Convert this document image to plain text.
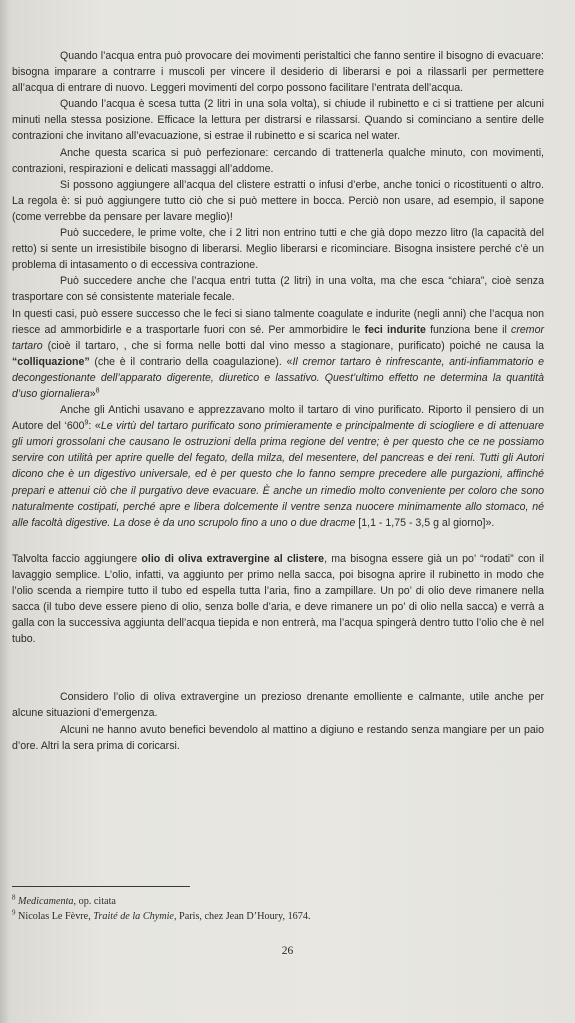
Quando l’acqua entra può provocare dei movimenti peristaltici che fanno sentire il bisogno di evacuare: bisogna imparare a contrarre i muscoli per vincere il desiderio di liberarsi e poi a rilassarli per permettere all’acqua di entrare di nuovo. Leggeri movimenti del corpo possono facilitare l’entrata dell’acqua.

Quando l’acqua è scesa tutta (2 litri in una sola volta), si chiude il rubinetto e ci si trattiene per alcuni minuti nella stessa posizione. Efficace la lettura per distrarsi e rilassarsi. Quando si cominciano a sentire delle contrazioni che invitano all’evacuazione, si estrae il rubinetto e si scarica nel water.

Anche questa scarica si può perfezionare: cercando di trattenerla qualche minuto, con movimenti, contrazioni, respirazioni e delicati massaggi all’addome.

Si possono aggiungere all’acqua del clistere estratti o infusi d’erbe, anche tonici o ricostituenti o altro. La regola è: si può aggiungere tutto ciò che si può mettere in bocca. Perciò non usare, ad esempio, il sapone (come verrebbe da pensare per lavare meglio)!

Può succedere, le prime volte, che i 2 litri non entrino tutti e che già dopo mezzo litro (la capacità del retto) si sente un irresistibile bisogno di liberarsi. Meglio liberarsi e ricominciare. Bisogna insistere perché c’è un problema di intasamento o di eccessiva contrazione.

Può succedere anche che l’acqua entri tutta (2 litri) in una volta, ma che esca “chiara”, cioè senza trasportare con sé consistente materiale fecale.

In questi casi, può essere successo che le feci si siano talmente coagulate e indurite (negli anni) che l’acqua non riesce ad ammorbidirle e a trasportarle fuori con sé. Per ammorbidire le feci indurite funziona bene il cremor tartaro (cioè il tartaro, , che si forma nelle botti dal vino messo a stagionare, purificato) poiché ne causa la “colliquazione” (che è il contrario della coagulazione). «Il cremor tartaro è rinfrescante, anti-infiammatorio e decongestionante dell’apparato digerente, diuretico e lassativo. Quest’ultimo effetto ne determina la quantità d’uso giornaliera»$^8$

Anche gli Antichi usavano e apprezzavano molto il tartaro di vino purificato. Riporto il pensiero di un Autore del ‘$600^9$: «Le virtù del tartaro purificato sono primieramente e principalmente di sciogliere e di attenuare gli umori grossolani che causano le ostruzioni della prima regione del ventre; è per questo che ce ne possiamo servire con utilità per aprire quelle del fegato, della milza, del mesentere, del pancreas e dei reni. Tutti gli Autori dicono che è un digestivo universale, ed è per questo che lo fanno sempre precedere alle purgazioni, affinché prepari e attenui ciò che il purgativo deve evacuare. È anche un rimedio molto conveniente per coloro che sono naturalmente costipati, perché apre e libera dolcemente il ventre senza nuocere minimamente allo stomaco, né alle facoltà digestive. La dose è da uno scrupolo fino a uno o due dracme [1,1 - 1,75 - 3,5 g al giorno]».

Talvolta faccio aggiungere olio di oliva extravergine al clistere, ma bisogna essere già un po’ “rodati” con il lavaggio semplice. L’olio, infatti, va aggiunto per primo nella sacca, poi bisogna aprire il rubinetto in modo che l’olio scenda a riempire tutto il tubo ed espella tutta l’aria, fino a zampillare. Un po’ di olio deve rimanere nella sacca (il tubo deve essere pieno di olio, senza bolle d’aria, e deve rimanere un po’ di olio nella sacca) e verrà a galla con la successiva aggiunta dell’acqua tiepida e non entrerà, ma l’acqua spingerà dentro tutto l’olio che è nel tubo.

Considero l’olio di oliva extravergine un prezioso drenante emolliente e calmante, utile anche per alcune situazioni d’emergenza.

Alcuni ne hanno avuto benefici bevendolo al mattino a digiuno e restando senza mangiare per un paio d’ore. Altri la sera prima di coricarsi.

$^8$ Medicamenta, op. citata
$^9$ Nicolas Le Fèvre, Traité de la Chymie, Paris, chez Jean D’Houry, 1674.
26
